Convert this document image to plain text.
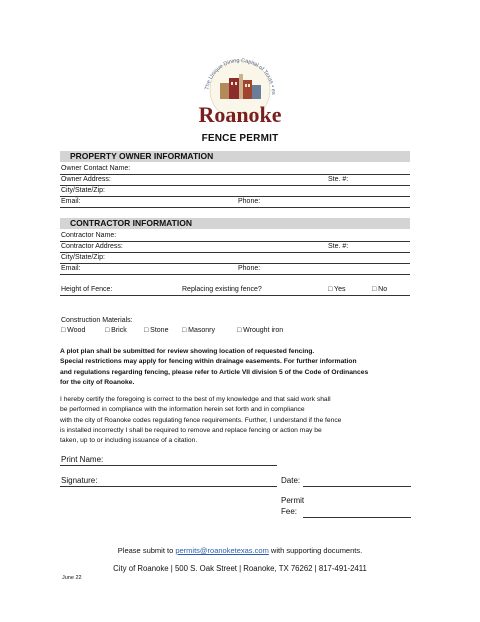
The Unique Dining Capital of Texas • es
Roanoke
FENCE PERMIT
PROPERTY OWNER INFORMATION
Owner Contact Name:
Owner Address:	Ste. #:
City/State/Zip:
Email:	Phone:
CONTRACTOR INFORMATION
Contractor Name:
Contractor Address:	Ste. #:
City/State/Zip:
Email:	Phone:
Height of Fence:	Replacing existing fence?	□ Yes	□ No
Construction Materials:
□ Wood	□ Brick □ Stone □ Masonry	□ Wrought iron
A plot plan shall be submitted for review showing location of requested fencing.
Special restrictions may apply for fencing within drainage easements. For further information
and regulations regarding fencing, please refer to Article VII division 5 of the Code of Ordinances
for the city of Roanoke.
I hereby certify the foregoing is correct to the best of my knowledge and that said work shall
be performed in compliance with the information herein set forth and in compliance
with the city of Roanoke codes regulating fence requirements. Further, I understand if the fence
is installed incorrectly I shall be required to remove and replace fencing or action may be
taken, up to or including issuance of a citation.
Print Name:
Signature:	Date:
Permit
Fee:
Please submit to permits@roanoketexas.com with supporting documents.
City of Roanoke | 500 S. Oak Street | Roanoke, TX 76262 | 817-491-2411
June 22
